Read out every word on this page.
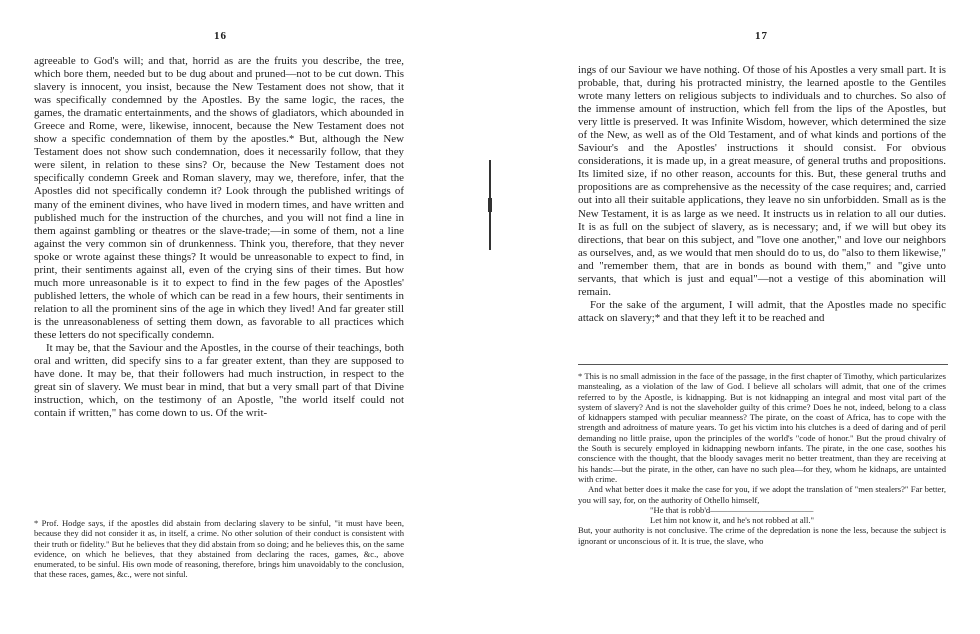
16

agreeable to God's will; and that, horrid as are the fruits you describe, the tree, which bore them, needed but to be dug about and pruned—not to be cut down. This slavery is innocent, you insist, because the New Testament does not show, that it was specifically condemned by the Apostles. By the same logic, the races, the games, the dramatic entertainments, and the shows of gladiators, which abounded in Greece and Rome, were, likewise, innocent, because the New Testament does not show a specific condemnation of them by the apostles.* But, although the New Testament does not show such condemnation, does it necessarily follow, that they were silent, in relation to these sins? Or, because the New Testament does not specifically condemn Greek and Roman slavery, may we, therefore, infer, that the Apostles did not specifically condemn it? Look through the published writings of many of the eminent divines, who have lived in modern times, and have written and published much for the instruction of the churches, and you will not find a line in them against gambling or theatres or the slave-trade;—in some of them, not a line against the very common sin of drunkenness. Think you, therefore, that they never spoke or wrote against these things? It would be unreasonable to expect to find, in print, their sentiments against all, even of the crying sins of their times. But how much more unreasonable is it to expect to find in the few pages of the Apostles' published letters, the whole of which can be read in a few hours, their sentiments in relation to all the prominent sins of the age in which they lived! And far greater still is the unreasonableness of setting them down, as favorable to all practices which these letters do not specifically condemn.

It may be, that the Saviour and the Apostles, in the course of their teachings, both oral and written, did specify sins to a far greater extent, than they are supposed to have done. It may be, that their followers had much instruction, in respect to the great sin of slavery. We must bear in mind, that but a very small part of that Divine instruction, which, on the testimony of an Apostle, "the world itself could not contain if written," has come down to us. Of the writ-

* Prof. Hodge says, if the apostles did abstain from declaring slavery to be sinful, "it must have been, because they did not consider it as, in itself, a crime. No other solution of their conduct is consistent with their truth or fidelity." But he believes that they did abstain from so doing; and he believes this, on the same evidence, on which he believes, that they abstained from declaring the races, games, &c., above enumerated, to be sinful. His own mode of reasoning, therefore, brings him unavoidably to the conclusion, that these races, games, &c., were not sinful.

17

ings of our Saviour we have nothing. Of those of his Apostles a very small part. It is probable, that, during his protracted ministry, the learned apostle to the Gentiles wrote many letters on religious subjects to individuals and to churches. So also of the immense amount of instruction, which fell from the lips of the Apostles, but very little is preserved. It was Infinite Wisdom, however, which determined the size of the New, as well as of the Old Testament, and of what kinds and portions of the Saviour's and the Apostles' instructions it should consist. For obvious considerations, it is made up, in a great measure, of general truths and propositions. Its limited size, if no other reason, accounts for this. But, these general truths and propositions are as comprehensive as the necessity of the case requires; and, carried out into all their suitable applications, they leave no sin unforbidden. Small as is the New Testament, it is as large as we need. It instructs us in relation to all our duties. It is as full on the subject of slavery, as is necessary; and, if we will but obey its directions, that bear on this subject, and "love one another," and love our neighbors as ourselves, and, as we would that men should do to us, do "also to them likewise," and "remember them, that are in bonds as bound with them," and "give unto servants, that which is just and equal"—not a vestige of this abomination will remain.

For the sake of the argument, I will admit, that the Apostles made no specific attack on slavery;* and that they left it to be reached and

* This is no small admission in the face of the passage, in the first chapter of Timothy, which particularizes manstealing, as a violation of the law of God. I believe all scholars will admit, that one of the crimes referred to by the Apostle, is kidnapping. But is not kidnapping an integral and most vital part of the system of slavery? And is not the slaveholder guilty of this crime? Does he not, indeed, belong to a class of kidnappers stamped with peculiar meanness? The pirate, on the coast of Africa, has to cope with the strength and adroitness of mature years. To get his victim into his clutches is a deed of daring and of peril demanding no little praise, upon the principles of the world's "code of honor." But the proud chivalry of the South is securely employed in kidnapping newborn infants. The pirate, in the one case, soothes his conscience with the thought, that the bloody savages merit no better treatment, than they are receiving at his hands:—but the pirate, in the other, can have no such plea—for they, whom he kidnaps, are untainted with crime.

And what better does it make the case for you, if we adopt the translation of "men stealers?" Far better, you will say, for, on the authority of Othello himself,

"He that is robb'd————————————

Let him not know it, and he's not robbed at all."

But, your authority is not conclusive. The crime of the depredation is none the less, because the subject is ignorant or unconscious of it. It is true, the slave, who
